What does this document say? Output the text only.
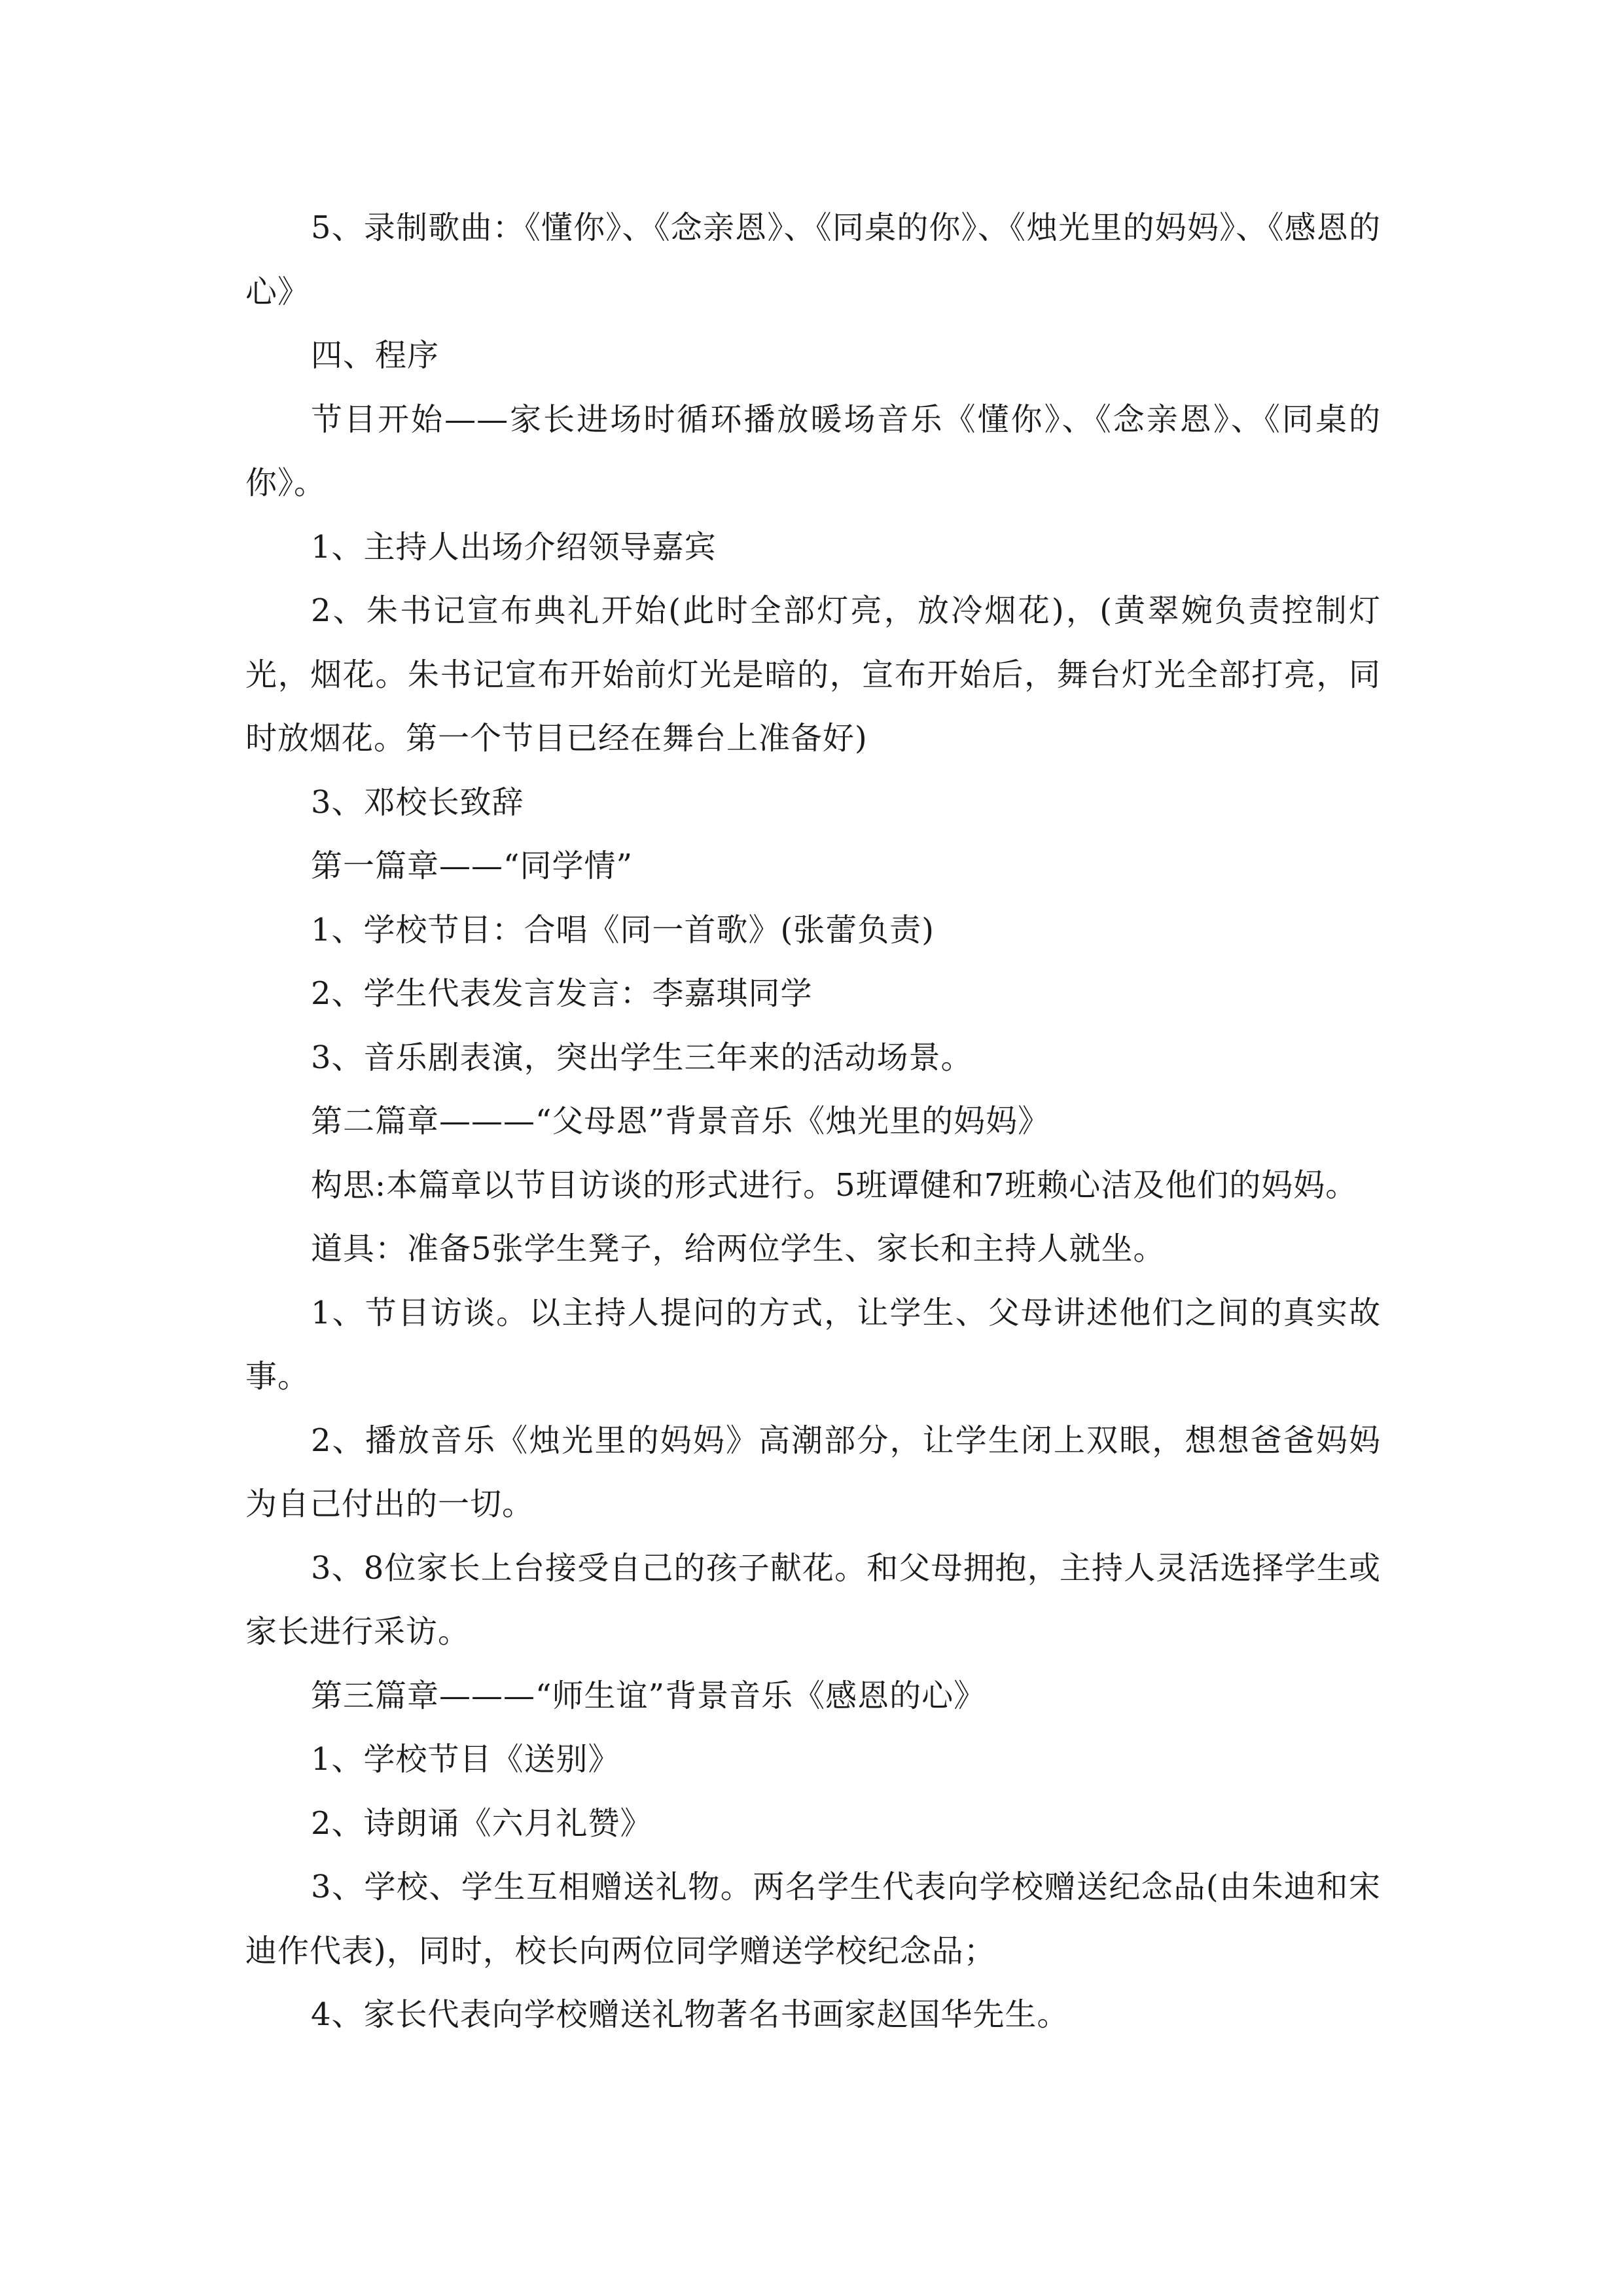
5、录制歌曲：《懂你》、《念亲恩》、《同桌的你》、《烛光里的妈妈》、《感恩的心》

四、程序

节目开始——家长进场时循环播放暖场音乐《懂你》、《念亲恩》、《同桌的你》。

1、主持人出场介绍领导嘉宾

2、朱书记宣布典礼开始(此时全部灯亮，放冷烟花)，(黄翠婉负责控制灯光，烟花。朱书记宣布开始前灯光是暗的，宣布开始后，舞台灯光全部打亮，同时放烟花。第一个节目已经在舞台上准备好)

3、邓校长致辞

第一篇章——“同学情”

1、学校节目：合唱《同一首歌》(张蕾负责)

2、学生代表发言发言：李嘉琪同学

3、音乐剧表演，突出学生三年来的活动场景。

第二篇章———“父母恩”背景音乐《烛光里的妈妈》

构思:本篇章以节目访谈的形式进行。5班谭健和7班赖心洁及他们的妈妈。

道具：准备5张学生凳子，给两位学生、家长和主持人就坐。

1、节目访谈。以主持人提问的方式，让学生、父母讲述他们之间的真实故事。

2、播放音乐《烛光里的妈妈》高潮部分，让学生闭上双眼，想想爸爸妈妈为自己付出的一切。

3、8位家长上台接受自己的孩子献花。和父母拥抱，主持人灵活选择学生或家长进行采访。

第三篇章———“师生谊”背景音乐《感恩的心》

1、学校节目《送别》

2、诗朗诵《六月礼赞》

3、学校、学生互相赠送礼物。两名学生代表向学校赠送纪念品(由朱迪和宋迪作代表)，同时，校长向两位同学赠送学校纪念品；

4、家长代表向学校赠送礼物著名书画家赵国华先生。
